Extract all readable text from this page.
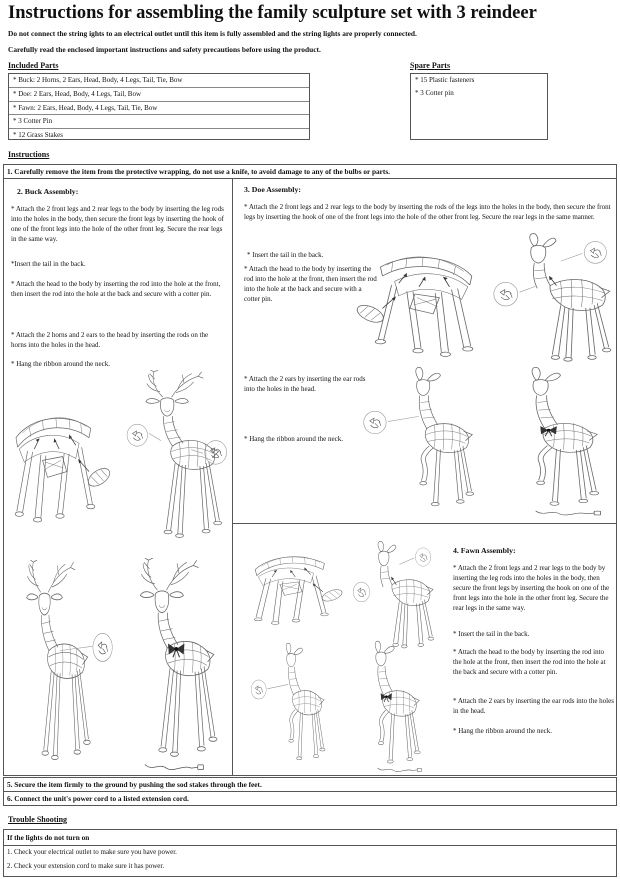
Instructions for assembling the family sculpture set with 3 reindeer
Do not connect the string ights to an electrical outlet until this item is fully assembled and the string lights are properly connected.
Carefully read the enclosed important instructions and safety precautions before using the product.
Included Parts
* Buck: 2 Horns, 2 Ears, Head, Body, 4 Legs, Tail, Tie, Bow
* Doe: 2 Ears, Head, Body, 4 Legs, Tail, Bow
* Fawn: 2 Ears, Head, Body, 4 Legs, Tail, Tie, Bow
* 3 Cotter Pin
* 12 Grass Stakes
Spare Parts
* 15 Plastic fasteners
* 3 Cotter pin
Instructions
1. Carefully remove the item from the protective wrapping, do not use a knife, to avoid damage to any of the bulbs or parts.
2. Buck Assembly:
* Attach the 2 front legs and 2 rear legs to the body by inserting the leg rods into the holes in the body, then secure the front legs by inserting the hook of one of the front legs into the hole of the other front leg. Secure the rear legs in the same way.
*Insert the tail in the back.
* Attach the head to the body by inserting the rod into the hole at the front, then insert the rod into the hole at the back and secure with a cotter pin.
* Attach the 2 horns and 2 ears to the head by inserting the rods on the horns into the holes in the head.
* Hang the ribbon around the neck.
3. Doe Assembly:
* Attach the 2 front legs and 2 rear legs to the body by inserting the rods of the legs into the holes in the body, then secure the front legs by inserting the hook of one of the front legs into the hole of the other front leg. Secure the rear legs in the same manner.
* Insert the tail in the back.
* Attach the head to the body by inserting the rod into the hole at the front, then insert the rod into the hole at the back and secure with a cotter pin.
* Attach the 2 ears by inserting the ear rods into the holes in the head.
* Hang the ribbon around the neck.
4. Fawn Assembly:
* Attach the 2 front legs and 2 rear legs to the body by inserting the leg rods into the holes in the body, then secure the front legs by inserting the hook on one of the front legs into the hole in the other front leg. Secure the rear legs in the same way.
* Insert the tail in the back.
* Attach the head to the body by inserting the rod into the hole at the front, then insert the rod into the hole at the back and secure with a cotter pin.
* Attach the 2 ears by inserting the ear rods into the holes in the head.
* Hang the ribbon around the neck.
5. Secure the item firmly to the ground by pushing the sod stakes through the feet.
6. Connect the unit's power cord to a listed extension cord.
Trouble Shooting
If the lights do not turn on
1. Check your electrical outlet to make sure you have power.
2. Check your extension cord to make sure it has power.
